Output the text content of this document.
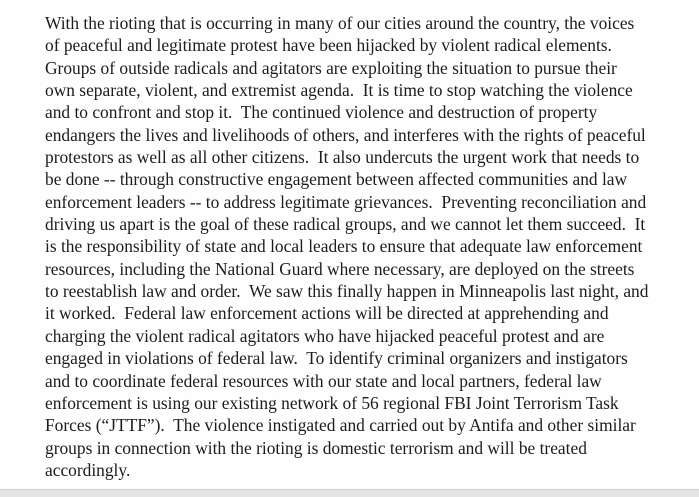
With the rioting that is occurring in many of our cities around the country, the voices
of peaceful and legitimate protest have been hijacked by violent radical elements.
Groups of outside radicals and agitators are exploiting the situation to pursue their
own separate, violent, and extremist agenda.  It is time to stop watching the violence
and to confront and stop it.  The continued violence and destruction of property
endangers the lives and livelihoods of others, and interferes with the rights of peaceful
protestors as well as all other citizens.  It also undercuts the urgent work that needs to
be done -- through constructive engagement between affected communities and law
enforcement leaders -- to address legitimate grievances.  Preventing reconciliation and
driving us apart is the goal of these radical groups, and we cannot let them succeed.  It
is the responsibility of state and local leaders to ensure that adequate law enforcement
resources, including the National Guard where necessary, are deployed on the streets
to reestablish law and order.  We saw this finally happen in Minneapolis last night, and
it worked.  Federal law enforcement actions will be directed at apprehending and
charging the violent radical agitators who have hijacked peaceful protest and are
engaged in violations of federal law.  To identify criminal organizers and instigators
and to coordinate federal resources with our state and local partners, federal law
enforcement is using our existing network of 56 regional FBI Joint Terrorism Task
Forces (“JTTF”).  The violence instigated and carried out by Antifa and other similar
groups in connection with the rioting is domestic terrorism and will be treated
accordingly.
